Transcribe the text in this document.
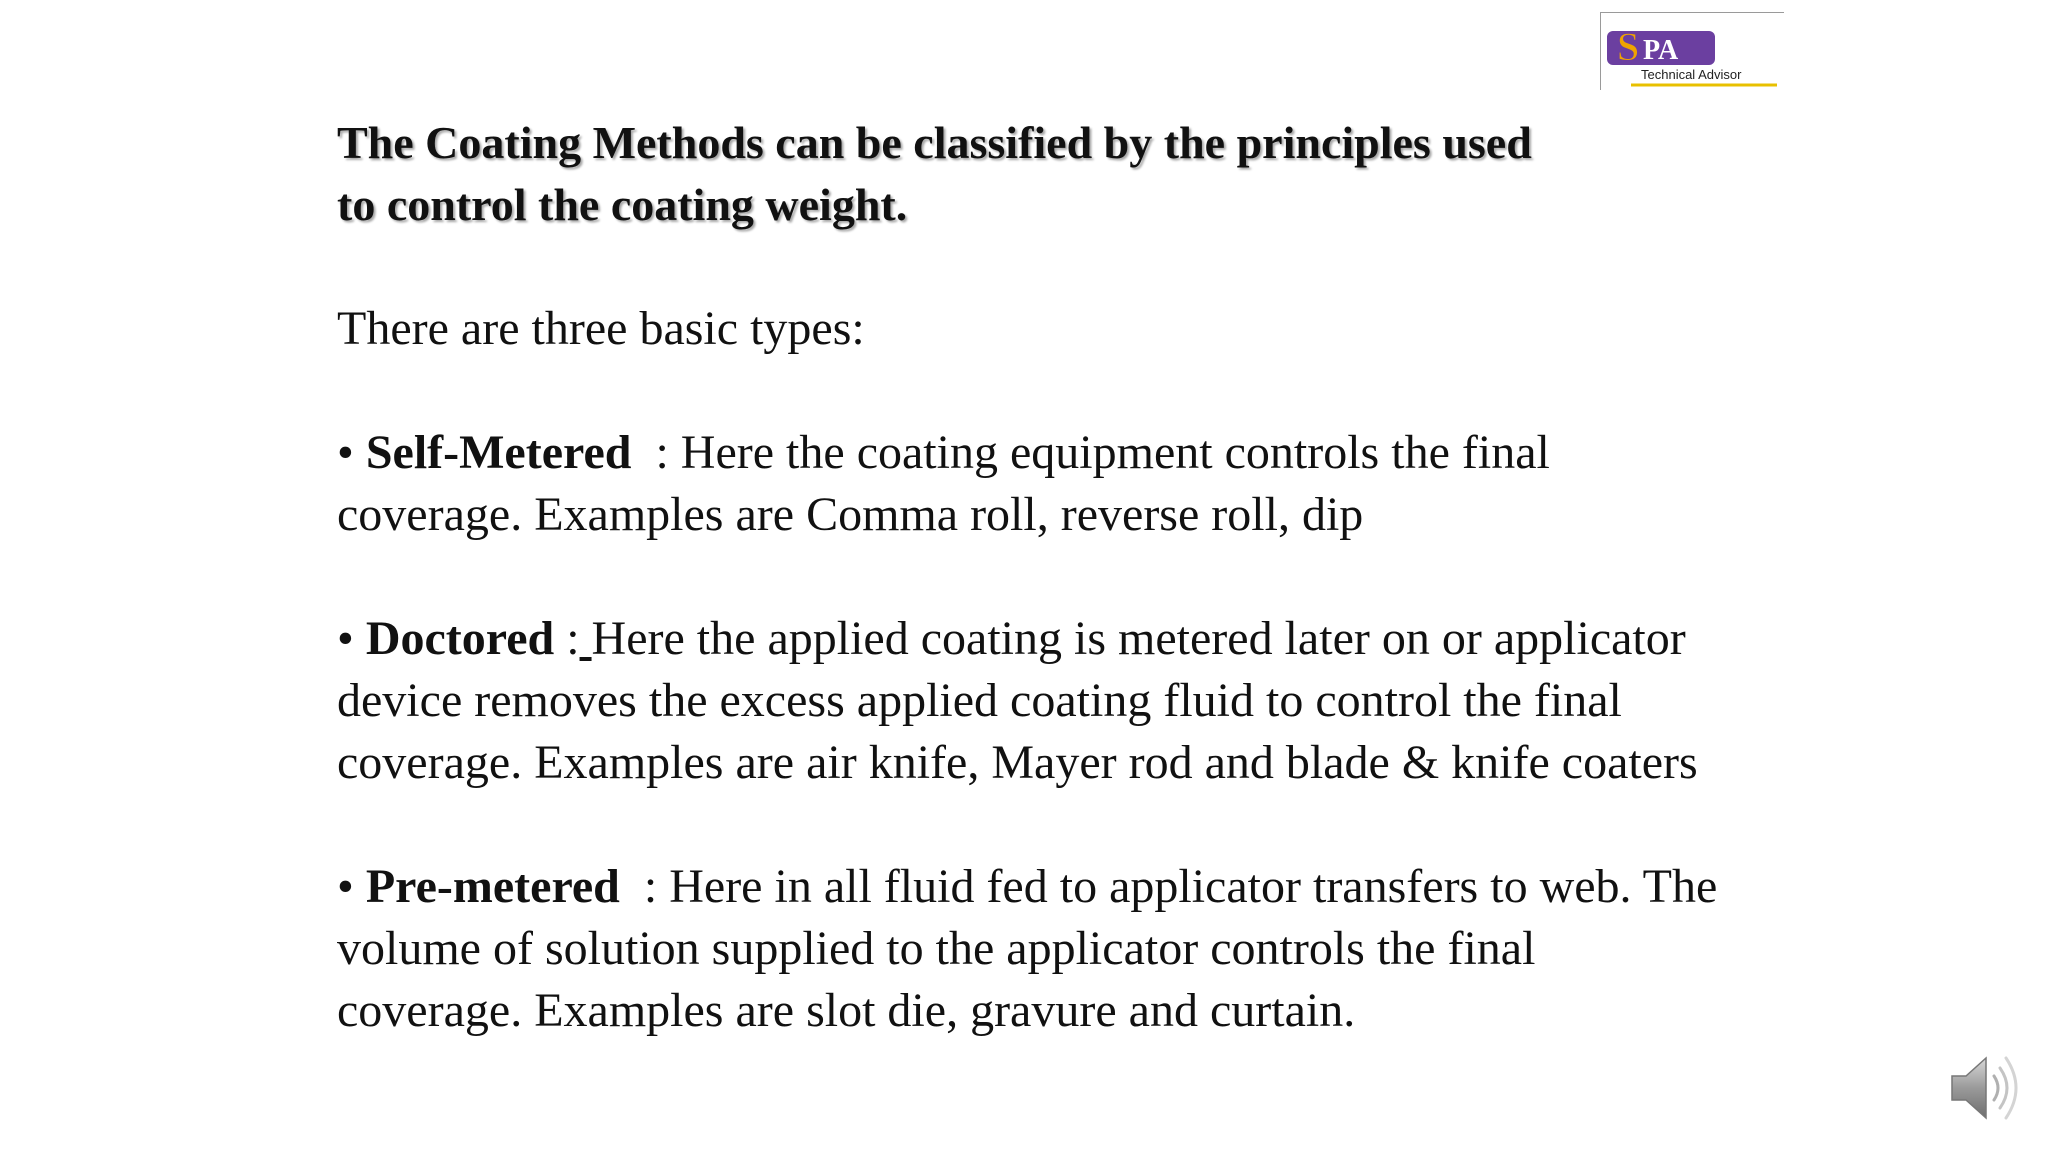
S PA
Technical Advisor

The Coating Methods can be classified by the principles used
to control the coating weight.

There are three basic types:

• Self-Metered  : Here the coating equipment controls the final coverage. Examples are Comma roll, reverse roll, dip

• Doctored : Here the applied coating is metered later on or applicator device removes the excess applied coating fluid to control the final coverage. Examples are air knife, Mayer rod and blade & knife coaters

• Pre-metered  : Here in all fluid fed to applicator transfers to web. The volume of solution supplied to the applicator controls the final coverage. Examples are slot die, gravure and curtain.
